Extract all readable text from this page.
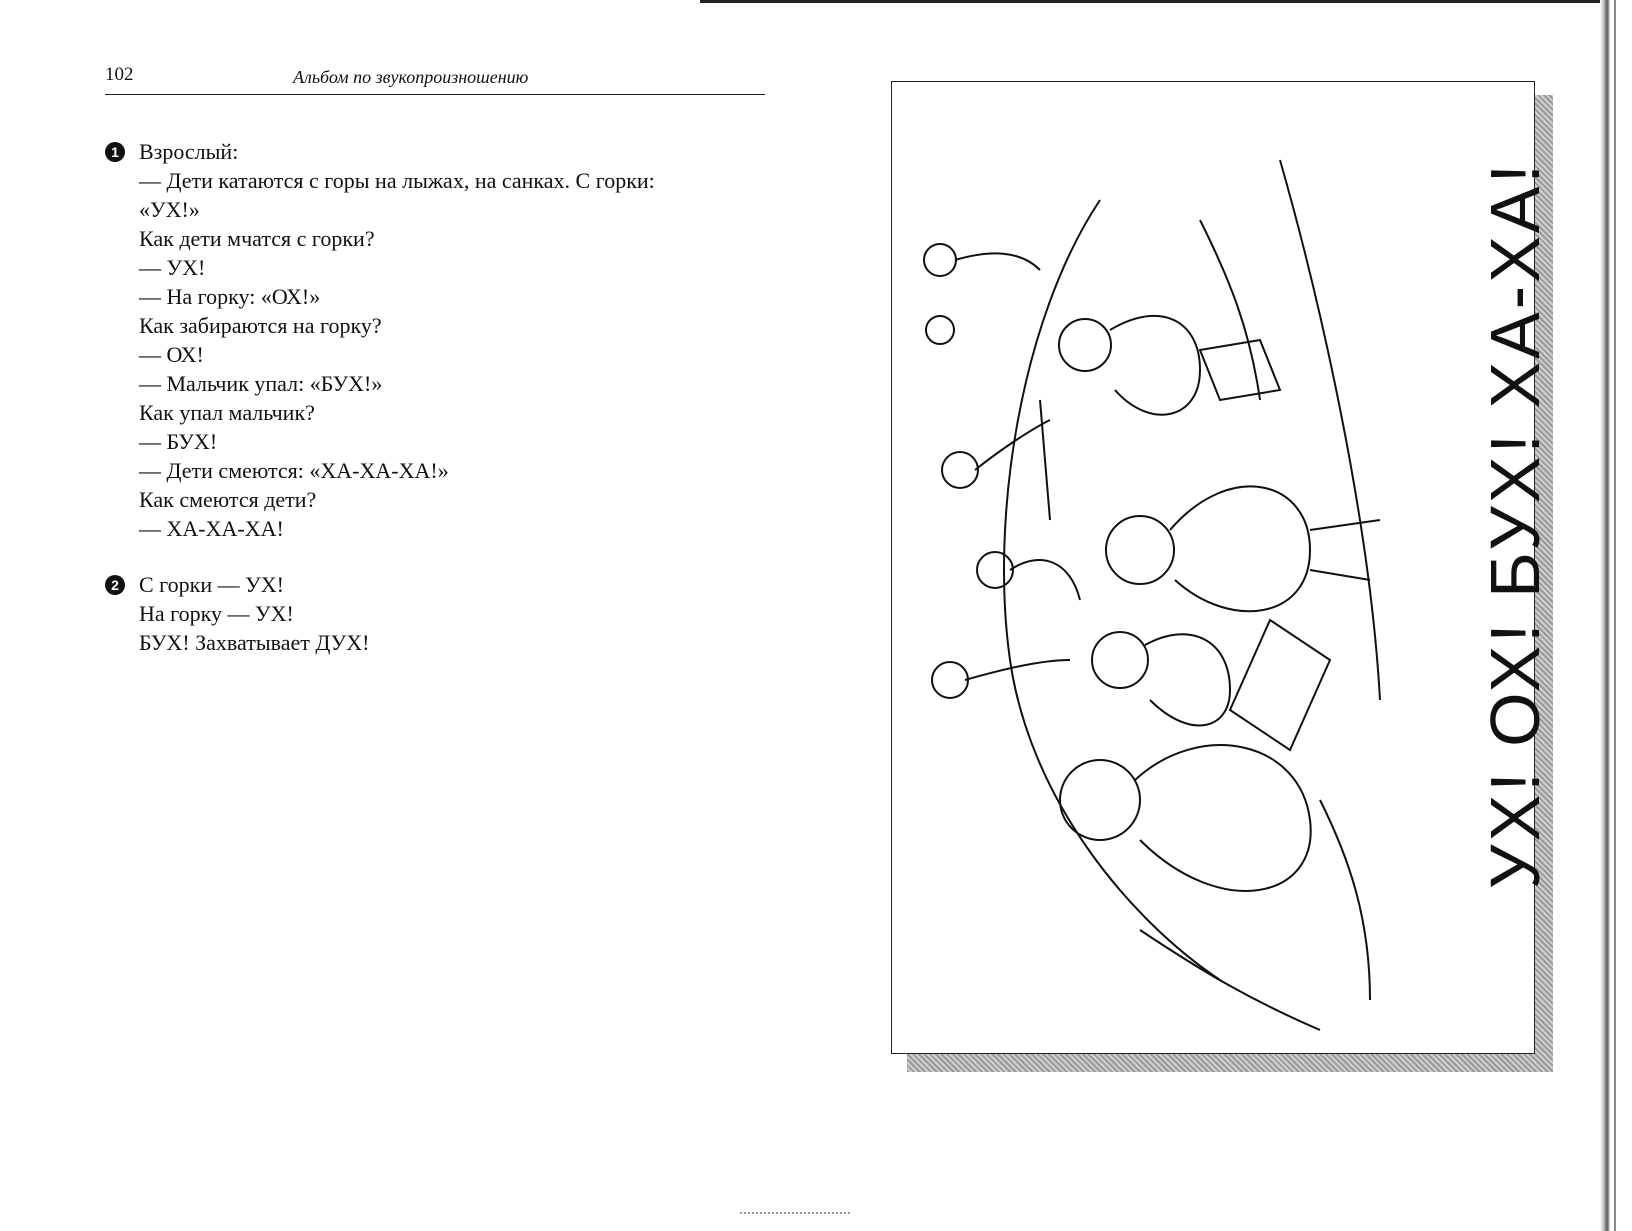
102	Альбом по звукопроизношению
1 Взрослый:
— Дети катаются с горы на лыжах, на санках. С горки:
«УХ!»
Как дети мчатся с горки?
— УХ!
— На горку: «ОХ!»
Как забираются на горку?
— ОХ!
— Мальчик упал: «БУХ!»
Как упал мальчик?
— БУХ!
— Дети смеются: «ХА-ХА-ХА!»
Как смеются дети?
— ХА-ХА-ХА!
2 С горки — УХ!
На горку — УХ!
БУХ! Захватывает ДУХ!	УХ! ОХ! БУХ! ХА-ХА!
